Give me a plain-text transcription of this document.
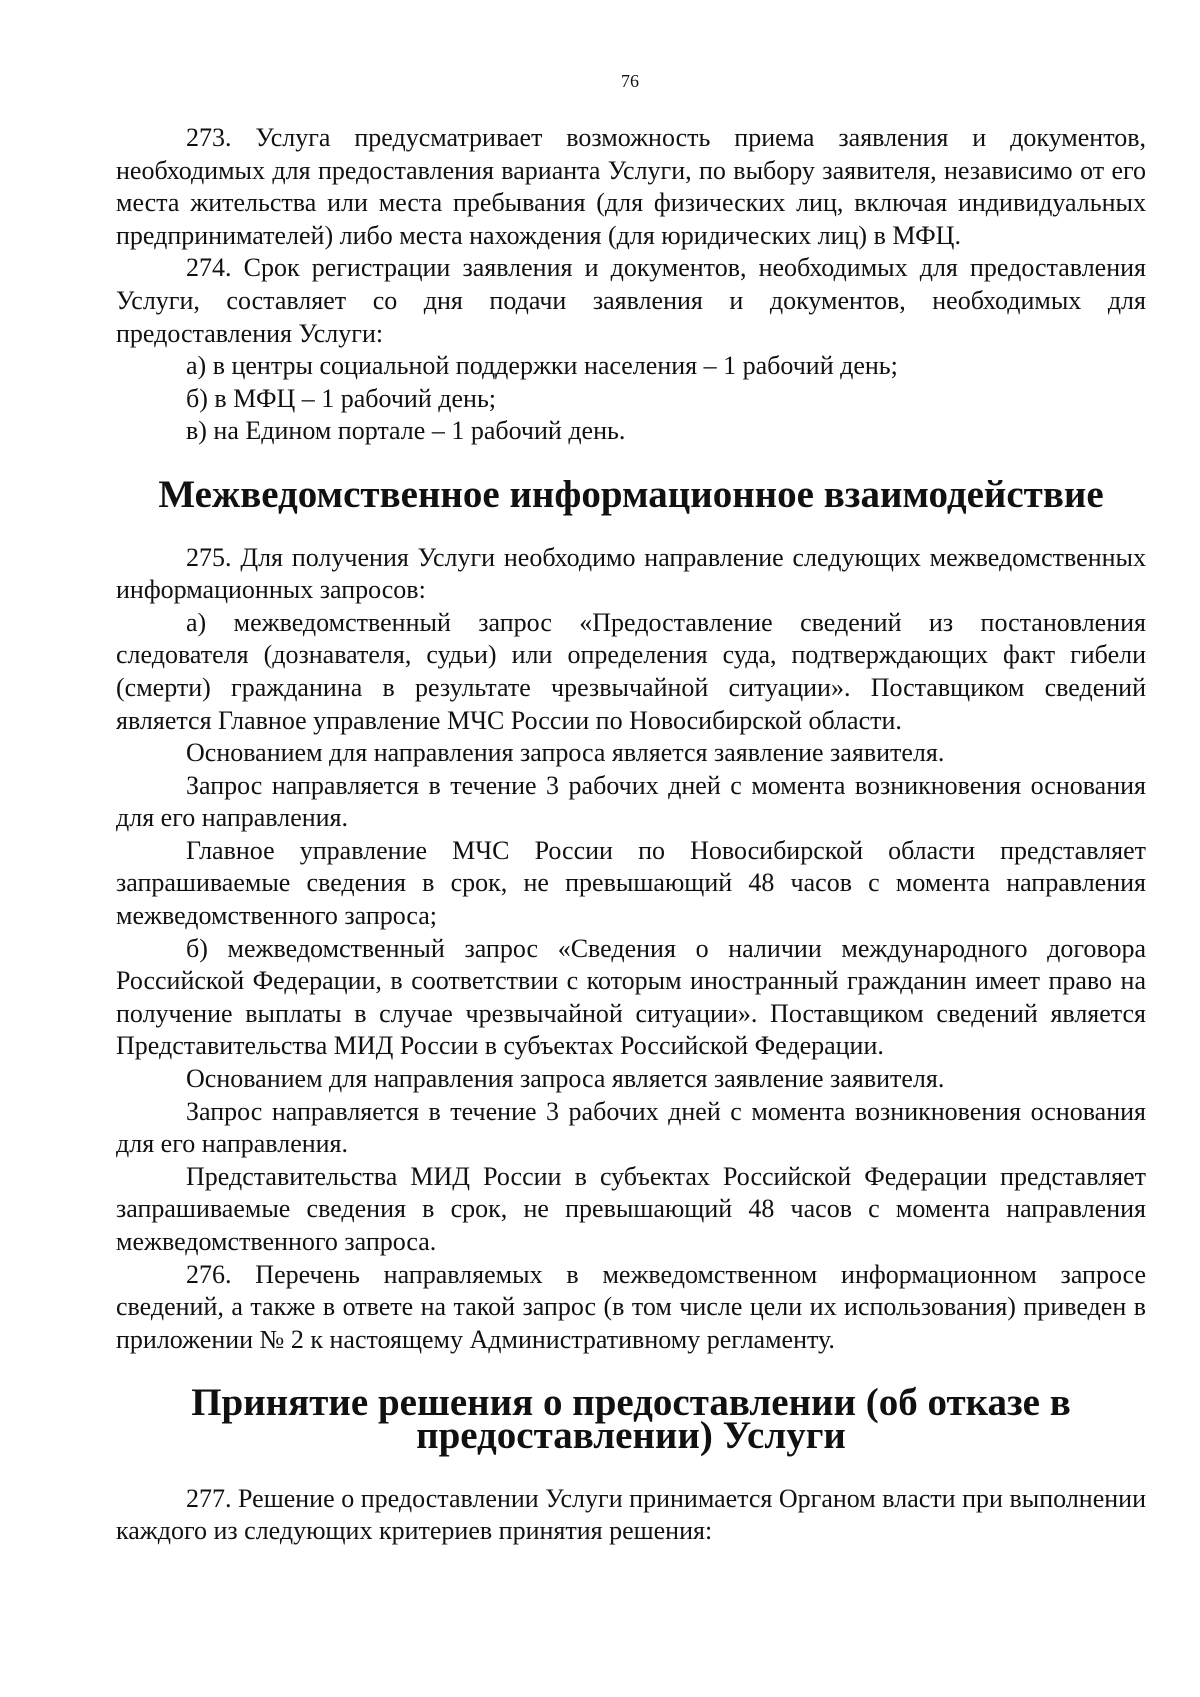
76

273. Услуга предусматривает возможность приема заявления и документов, необходимых для предоставления варианта Услуги, по выбору заявителя, независимо от его места жительства или места пребывания (для физических лиц, включая индивидуальных предпринимателей) либо места нахождения (для юридических лиц) в МФЦ.

274. Срок регистрации заявления и документов, необходимых для предоставления Услуги, составляет со дня подачи заявления и документов, необходимых для предоставления Услуги:

а) в центры социальной поддержки населения – 1 рабочий день;

б) в МФЦ – 1 рабочий день;

в) на Едином портале – 1 рабочий день.

Межведомственное информационное взаимодействие

275. Для получения Услуги необходимо направление следующих межведомственных информационных запросов:

а) межведомственный запрос «Предоставление сведений из постановления следователя (дознавателя, судьи) или определения суда, подтверждающих факт гибели (смерти) гражданина в результате чрезвычайной ситуации». Поставщиком сведений является Главное управление МЧС России по Новосибирской области.

Основанием для направления запроса является заявление заявителя.

Запрос направляется в течение 3 рабочих дней с момента возникновения основания для его направления.

Главное управление МЧС России по Новосибирской области представляет запрашиваемые сведения в срок, не превышающий 48 часов с момента направления межведомственного запроса;

б) межведомственный запрос «Сведения о наличии международного договора Российской Федерации, в соответствии с которым иностранный гражданин имеет право на получение выплаты в случае чрезвычайной ситуации». Поставщиком сведений является Представительства МИД России в субъектах Российской Федерации.

Основанием для направления запроса является заявление заявителя.

Запрос направляется в течение 3 рабочих дней с момента возникновения основания для его направления.

Представительства МИД России в субъектах Российской Федерации представляет запрашиваемые сведения в срок, не превышающий 48 часов с момента направления межведомственного запроса.

276. Перечень направляемых в межведомственном информационном запросе сведений, а также в ответе на такой запрос (в том числе цели их использования) приведен в приложении № 2 к настоящему Административному регламенту.

Принятие решения о предоставлении (об отказе в предоставлении) Услуги

277. Решение о предоставлении Услуги принимается Органом власти при выполнении каждого из следующих критериев принятия решения:
